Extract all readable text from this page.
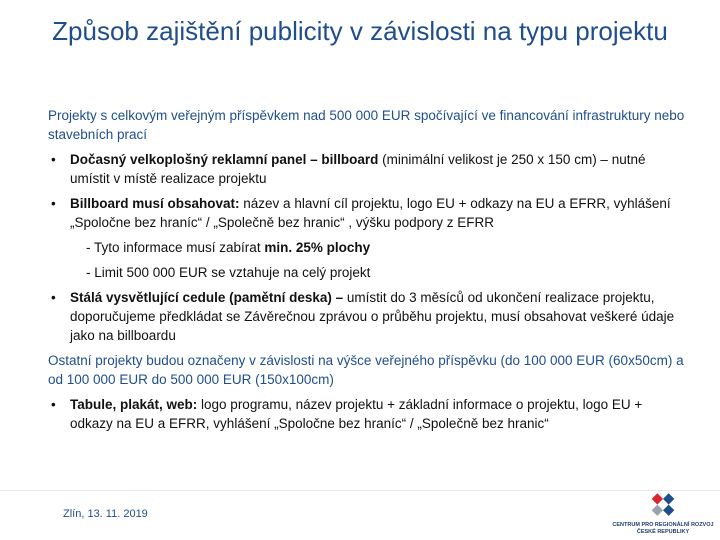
Způsob zajištění publicity v závislosti na typu projektu

Projekty s celkovým veřejným příspěvkem nad 500 000 EUR spočívající ve financování infrastruktury nebo stavebních prací

• Dočasný velkoplošný reklamní panel – billboard (minimální velikost je 250 x 150 cm) – nutné umístit v místě realizace projektu
• Billboard musí obsahovat: název a hlavní cíl projektu, logo EU + odkazy na EU a EFRR, vyhlášení „Spoločne bez hraníc“ / „Společně bez hranic“ , výšku podpory z EFRR
- Tyto informace musí zabírat min. 25% plochy
- Limit 500 000 EUR se vztahuje na celý projekt
• Stálá vysvětlující cedule (pamětní deska) – umístit do 3 měsíců od ukončení realizace projektu, doporučujeme předkládat se Závěrečnou zprávou o průběhu projektu, musí obsahovat veškeré údaje jako na billboardu

Ostatní projekty budou označeny v závislosti na výšce veřejného příspěvku (do 100 000 EUR (60x50cm) a od 100 000 EUR do 500 000 EUR (150x100cm)

• Tabule, plakát, web: logo programu, název projektu + základní informace o projektu, logo EU + odkazy na EU a EFRR, vyhlášení „Spoločne bez hraníc“ / „Společně bez hranic“
Zlín, 13. 11. 2019
CENTRUM PRO REGIONÁLNÍ ROZVOJ
ČESKÉ REPUBLIKY
